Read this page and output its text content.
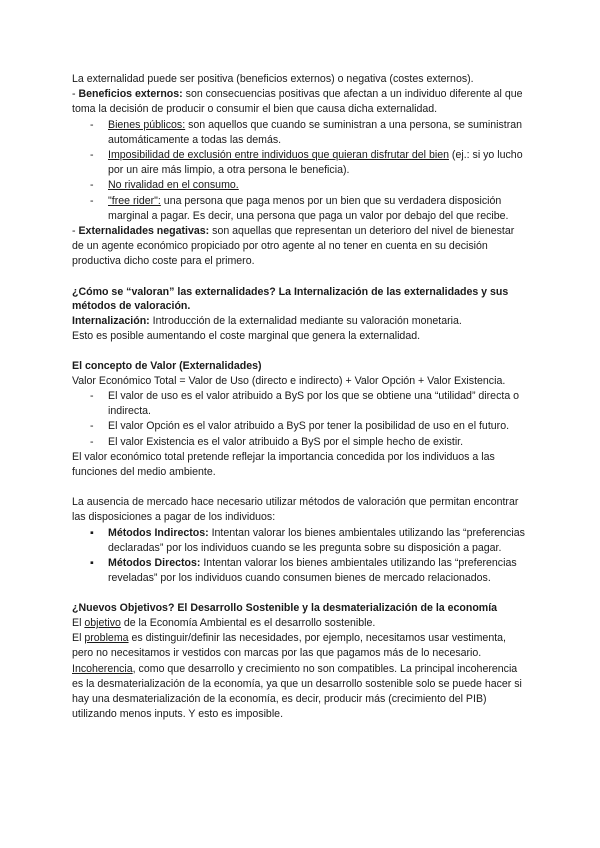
La externalidad puede ser positiva (beneficios externos) o negativa (costes externos).

- Beneficios externos: son consecuencias positivas que afectan a un individuo diferente al que toma la decisión de producir o consumir el bien que causa dicha externalidad.

- Bienes públicos: son aquellos que cuando se suministran a una persona, se suministran automáticamente a todas las demás.
- Imposibilidad de exclusión entre individuos que quieran disfrutar del bien (ej.: si yo lucho por un aire más limpio, a otra persona le beneficia).
- No rivalidad en el consumo.
- "free rider": una persona que paga menos por un bien que su verdadera disposición marginal a pagar. Es decir, una persona que paga un valor por debajo del que recibe.

- Externalidades negativas: son aquellas que representan un deterioro del nivel de bienestar de un agente económico propiciado por otro agente al no tener en cuenta en su decisión productiva dicho coste para el primero.

¿Cómo se “valoran” las externalidades? La Internalización de las externalidades y sus métodos de valoración.

Internalización: Introducción de la externalidad mediante su valoración monetaria.

Esto es posible aumentando el coste marginal que genera la externalidad.

El concepto de Valor (Externalidades)

Valor Económico Total = Valor de Uso (directo e indirecto) + Valor Opción + Valor Existencia.

- El valor de uso es el valor atribuido a ByS por los que se obtiene una “utilidad” directa o indirecta.
- El valor Opción es el valor atribuido a ByS por tener la posibilidad de uso en el futuro.
- El valor Existencia es el valor atribuido a ByS por el simple hecho de existir.

El valor económico total pretende reflejar la importancia concedida por los individuos a las funciones del medio ambiente.

La ausencia de mercado hace necesario utilizar métodos de valoración que permitan encontrar las disposiciones a pagar de los individuos:

▪ Métodos Indirectos: Intentan valorar los bienes ambientales utilizando las “preferencias declaradas” por los individuos cuando se les pregunta sobre su disposición a pagar.
▪ Métodos Directos: Intentan valorar los bienes ambientales utilizando las “preferencias reveladas” por los individuos cuando consumen bienes de mercado relacionados.
¿Nuevos Objetivos? El Desarrollo Sostenible y la desmaterialización de la economía

El objetivo de la Economía Ambiental es el desarrollo sostenible.

El problema es distinguir/definir las necesidades, por ejemplo, necesitamos usar vestimenta, pero no necesitamos ir vestidos con marcas por las que pagamos más de lo necesario.

Incoherencia, como que desarrollo y crecimiento no son compatibles. La principal incoherencia es la desmaterialización de la economía, ya que un desarrollo sostenible solo se puede hacer si hay una desmaterialización de la economía, es decir, producir más (crecimiento del PIB) utilizando menos inputs. Y esto es imposible.
